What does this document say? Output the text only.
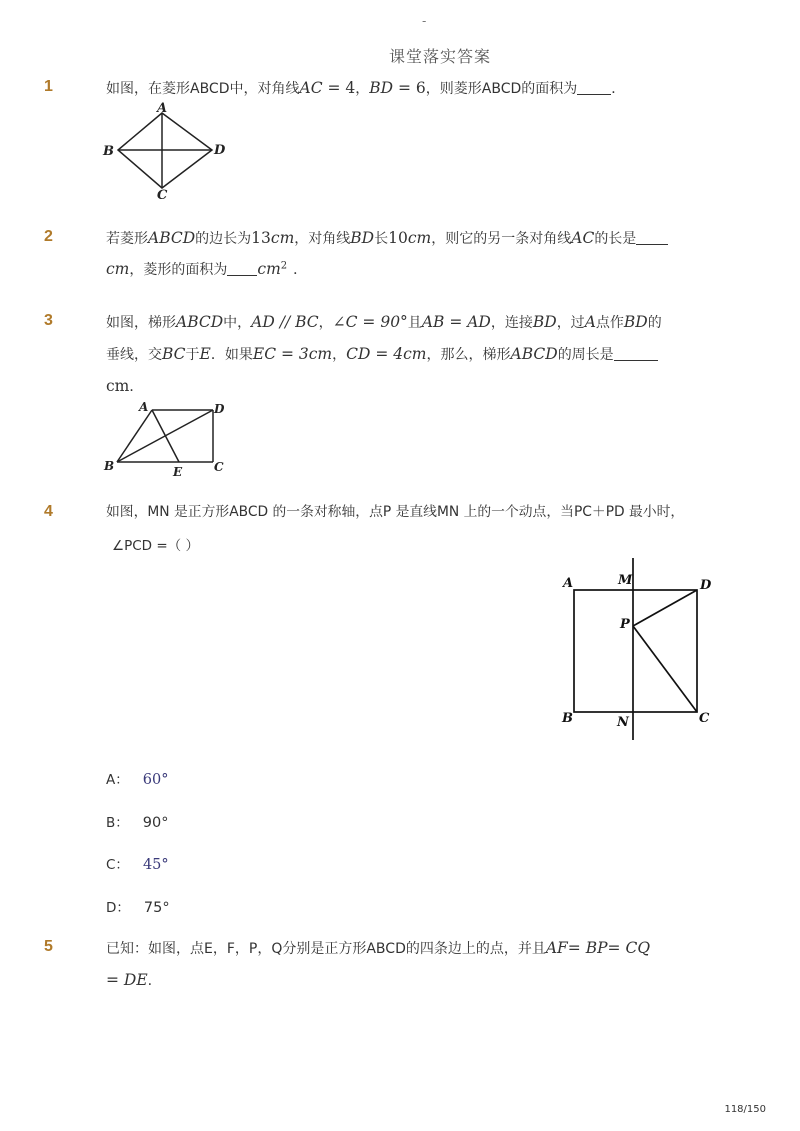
-
课堂落实答案
1	如图，在菱形ABCD中，对角线AC = 4，BD = 6，则菱形ABCD的面积为 ．
A
B
C
D
2	若菱形ABCD的边长为13cm，对角线BD长10cm，则它的另一条对角线AC的长是
cm，菱形的面积为 $cm^2$ ．
3	如图，梯形ABCD中，AD // BC，∠C = 90°且AB = AD，连接BD，过A点作BD的
垂线，交BC于E．如果EC = 3cm，CD = 4cm，那么，梯形ABCD的周长是
cm．
A	D
B	E	C
4	如图，MN 是正方形ABCD 的一条对称轴，点P 是直线MN 上的一个动点，当PC＋PD 最小时，
∠PCD =（ ）
A	M	D
P
B	N	C
A： 60°
B： 90°
C： 45°
D： 75°
5	已知：如图，点E，F，P，Q分别是正方形ABCD的四条边上的点，并且AF= BP= CQ
= DE.
118/150
